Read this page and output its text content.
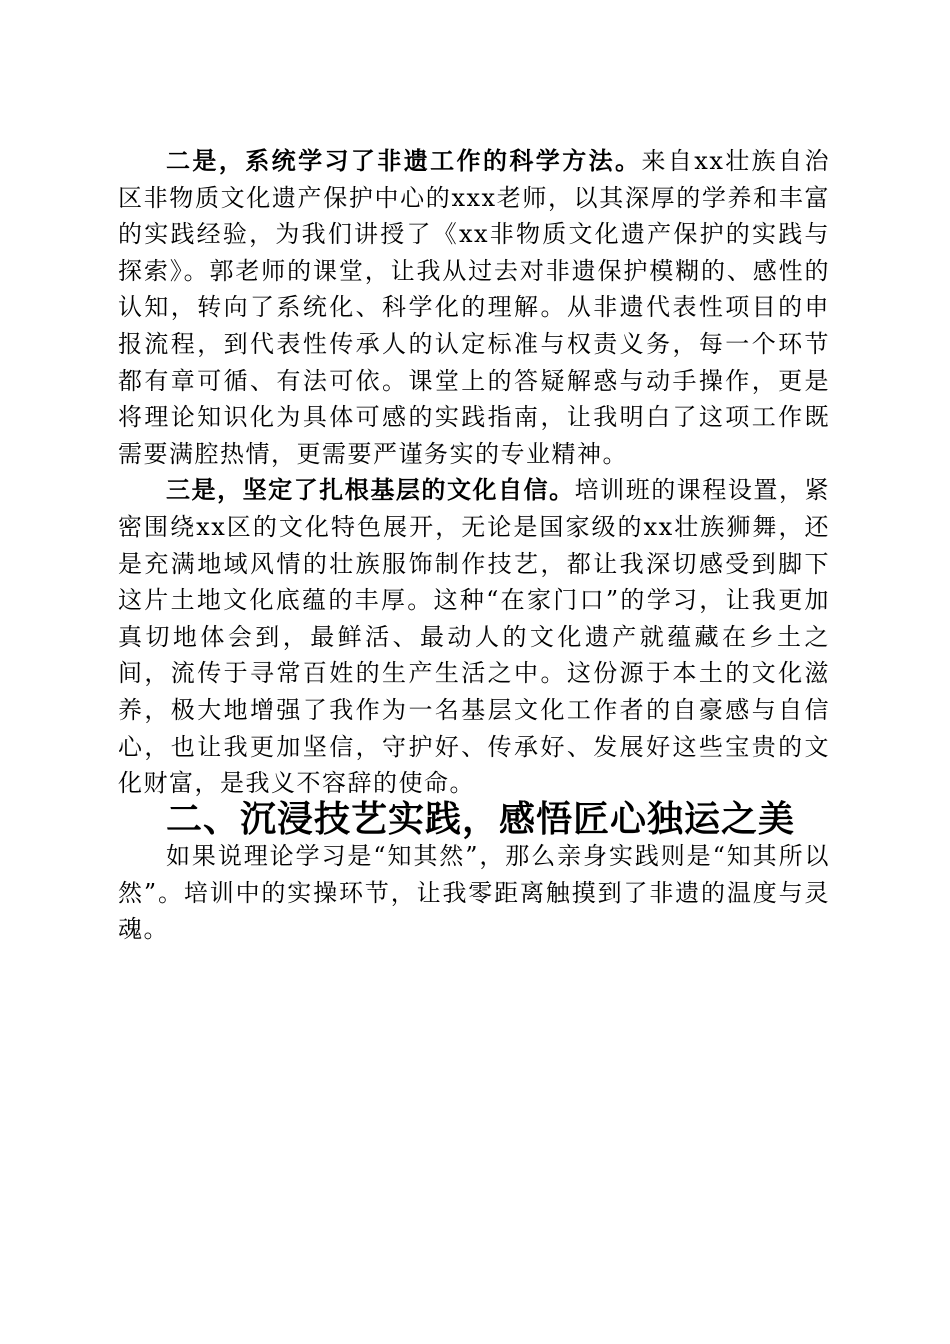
二是，系统学习了非遗工作的科学方法。来自xx壮族自治区非物质文化遗产保护中心的xxx老师，以其深厚的学养和丰富的实践经验，为我们讲授了《xx非物质文化遗产保护的实践与探索》。郭老师的课堂，让我从过去对非遗保护模糊的、感性的认知，转向了系统化、科学化的理解。从非遗代表性项目的申报流程，到代表性传承人的认定标准与权责义务，每一个环节都有章可循、有法可依。课堂上的答疑解惑与动手操作，更是将理论知识化为具体可感的实践指南，让我明白了这项工作既需要满腔热情，更需要严谨务实的专业精神。

三是，坚定了扎根基层的文化自信。培训班的课程设置，紧密围绕xx区的文化特色展开，无论是国家级的xx壮族狮舞，还是充满地域风情的壮族服饰制作技艺，都让我深切感受到脚下这片土地文化底蕴的丰厚。这种“在家门口”的学习，让我更加真切地体会到，最鲜活、最动人的文化遗产就蕴藏在乡土之间，流传于寻常百姓的生产生活之中。这份源于本土的文化滋养，极大地增强了我作为一名基层文化工作者的自豪感与自信心，也让我更加坚信，守护好、传承好、发展好这些宝贵的文化财富，是我义不容辞的使命。

二、沉浸技艺实践，感悟匠心独运之美

如果说理论学习是“知其然”，那么亲身实践则是“知其所以然”。培训中的实操环节，让我零距离触摸到了非遗的温度与灵魂。
